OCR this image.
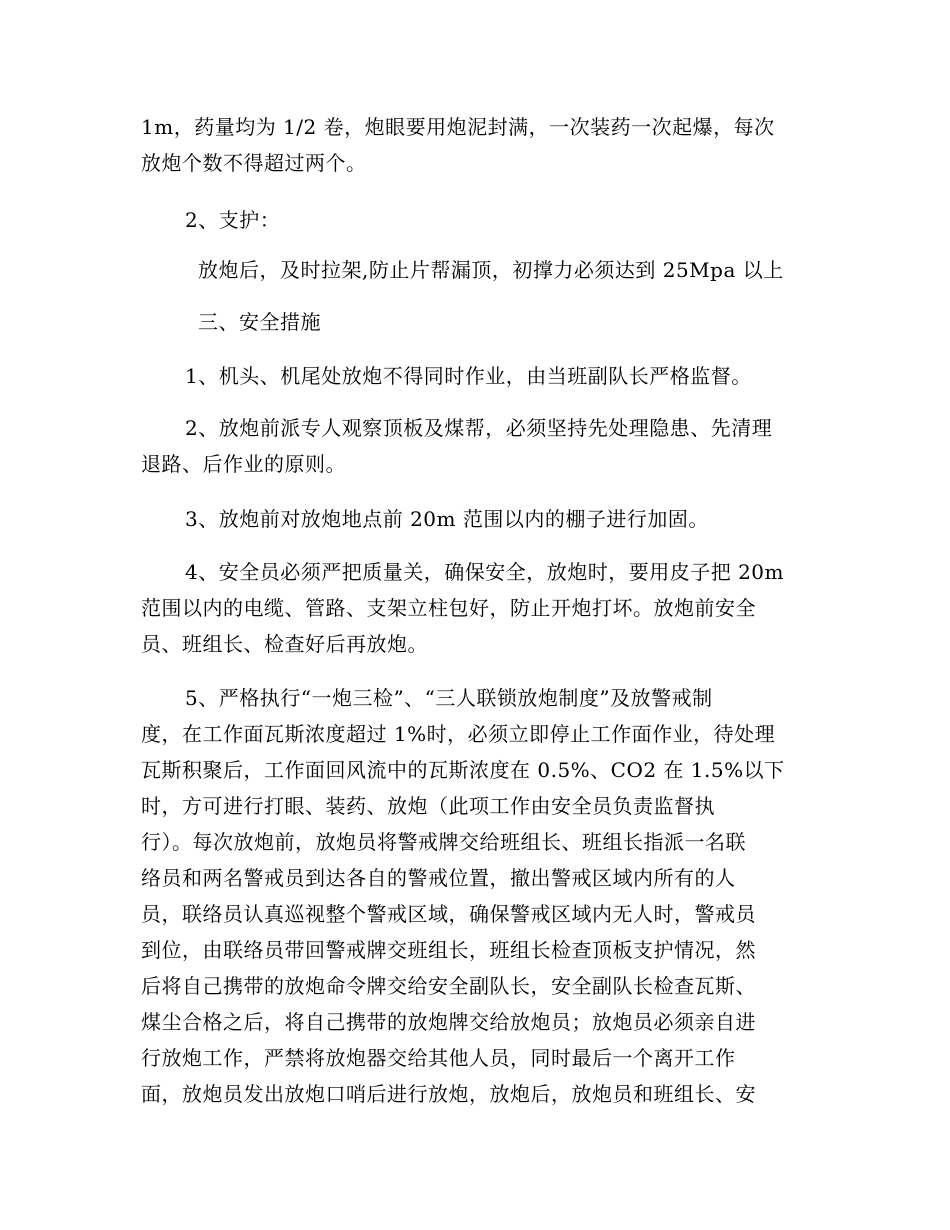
1m，药量均为 1/2 卷，炮眼要用炮泥封满，一次装药一次起爆，每次
放炮个数不得超过两个。
2、支护：
放炮后，及时拉架,防止片帮漏顶，初撑力必须达到 25Mpa 以上
三、安全措施
1、机头、机尾处放炮不得同时作业，由当班副队长严格监督。
2、放炮前派专人观察顶板及煤帮，必须坚持先处理隐患、先清理
退路、后作业的原则。
3、放炮前对放炮地点前 20m 范围以内的棚子进行加固。
4、安全员必须严把质量关，确保安全，放炮时，要用皮子把 20m
范围以内的电缆、管路、支架立柱包好，防止开炮打坏。放炮前安全
员、班组长、检查好后再放炮。
5、严格执行“一炮三检”、“三人联锁放炮制度”及放警戒制
度，在工作面瓦斯浓度超过 1%时，必须立即停止工作面作业，待处理
瓦斯积聚后，工作面回风流中的瓦斯浓度在 0.5%、CO2 在 1.5%以下
时，方可进行打眼、装药、放炮（此项工作由安全员负责监督执
行）。每次放炮前，放炮员将警戒牌交给班组长、班组长指派一名联
络员和两名警戒员到达各自的警戒位置，撤出警戒区域内所有的人
员，联络员认真巡视整个警戒区域，确保警戒区域内无人时，警戒员
到位，由联络员带回警戒牌交班组长，班组长检查顶板支护情况，然
后将自己携带的放炮命令牌交给安全副队长，安全副队长检查瓦斯、
煤尘合格之后，将自己携带的放炮牌交给放炮员；放炮员必须亲自进
行放炮工作，严禁将放炮器交给其他人员，同时最后一个离开工作
面，放炮员发出放炮口哨后进行放炮，放炮后，放炮员和班组长、安
